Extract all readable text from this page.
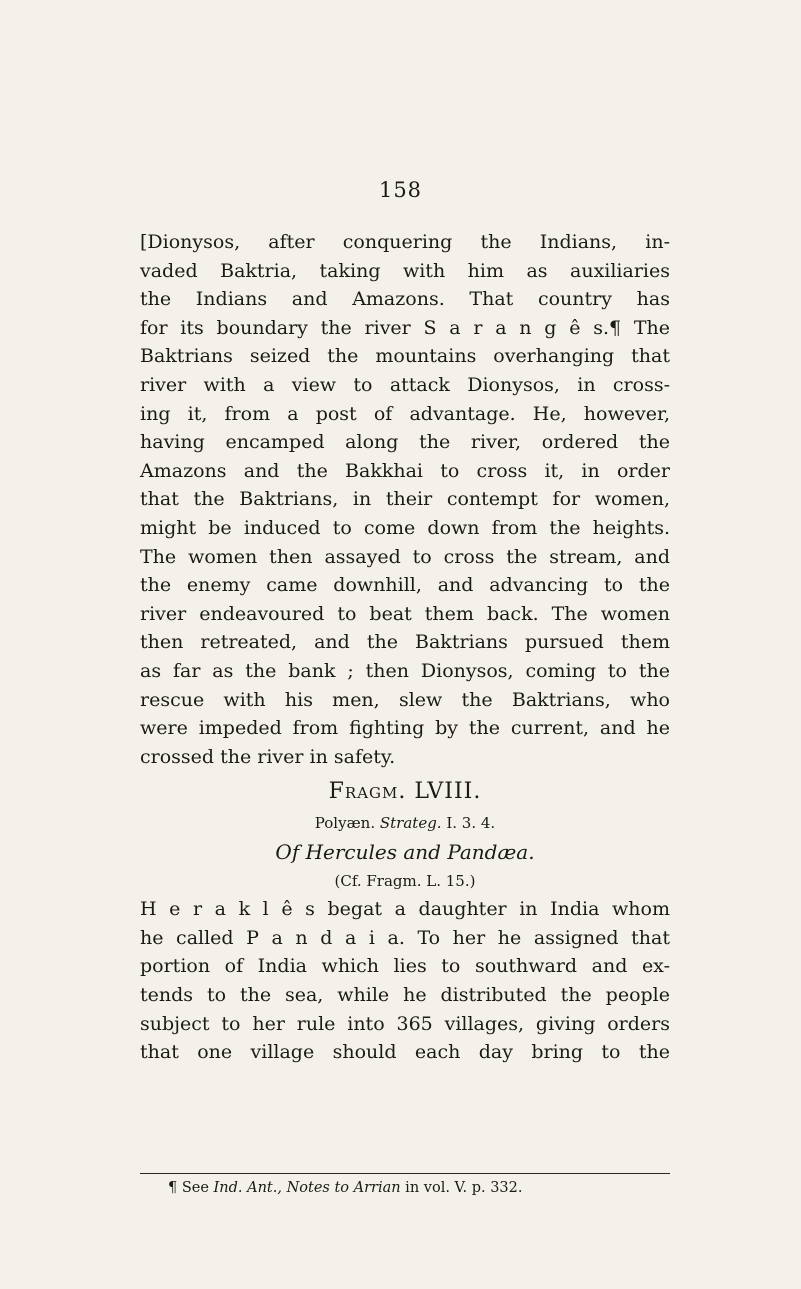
158
[Dionysos, after conquering the Indians, in-
vaded Baktria, taking with him as auxiliaries
the Indians and Amazons. That country has
for its boundary the river S a r a n g ê s.¶ The
Baktrians seized the mountains overhanging that
river with a view to attack Dionysos, in cross-
ing it, from a post of advantage. He, however,
having encamped along the river, ordered the
Amazons and the Bakkhai to cross it, in order
that the Baktrians, in their contempt for women,
might be induced to come down from the heights.
The women then assayed to cross the stream, and
the enemy came downhill, and advancing to the
river endeavoured to beat them back. The women
then retreated, and the Baktrians pursued them
as far as the bank ; then Dionysos, coming to the
rescue with his men, slew the Baktrians, who
were impeded from fighting by the current, and he
crossed the river in safety.
Fragm. LVIII.
Polyæn. Strateg. I. 3. 4.
Of Hercules and Pandæa.
(Cf. Fragm. L. 15.)
H e r a k l ê s begat a daughter in India whom
he called P a n d a i a. To her he assigned that
portion of India which lies to southward and ex-
tends to the sea, while he distributed the people
subject to her rule into 365 villages, giving orders
that one village should each day bring to the
¶ See Ind. Ant., Notes to Arrian in vol. V. p. 332.
